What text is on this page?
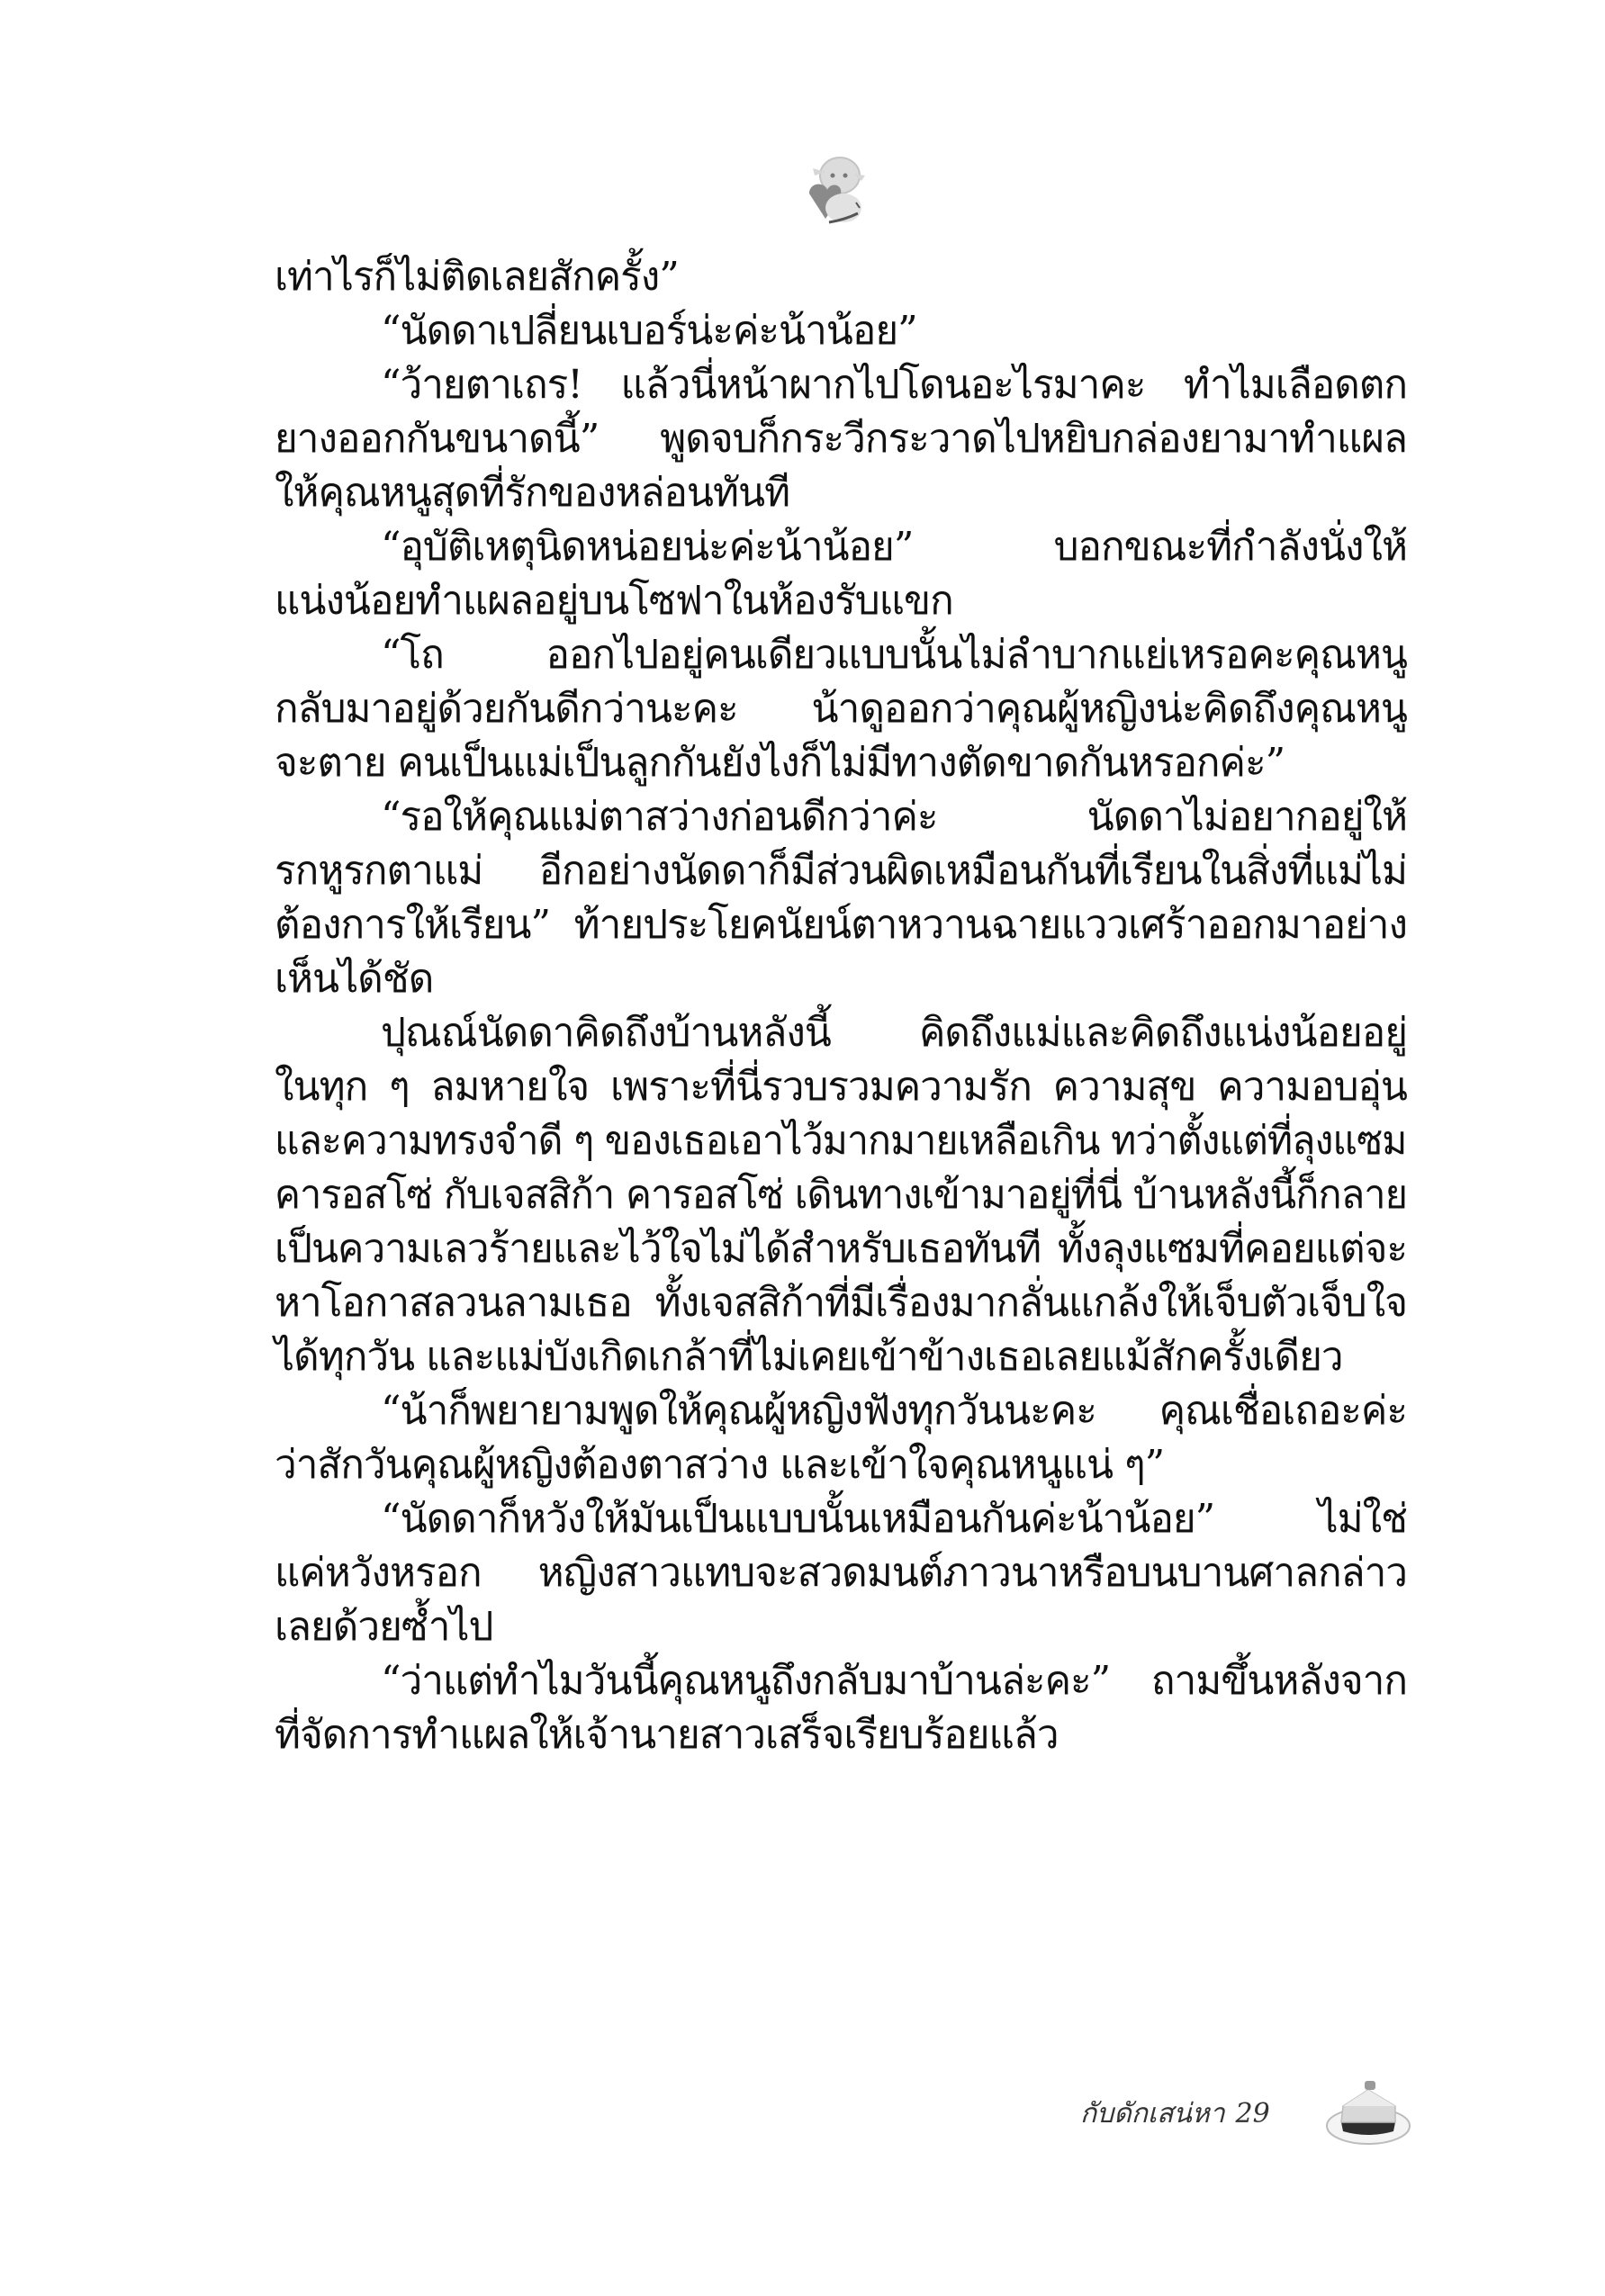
เท่าไรก็ไม่ติดเลยสักครั้ง”
“นัดดาเปลี่ยนเบอร์น่ะค่ะน้าน้อย”
“ว้ายตาเถร! แล้วนี่หน้าผากไปโดนอะไรมาคะ ทำไมเลือดตก
ยางออกกันขนาดนี้” พูดจบก็กระวีกระวาดไปหยิบกล่องยามาทำแผล
ให้คุณหนูสุดที่รักของหล่อนทันที
“อุบัติเหตุนิดหน่อยน่ะค่ะน้าน้อย” บอกขณะที่กำลังนั่งให้
แน่งน้อยทำแผลอยู่บนโซฟาในห้องรับแขก
“โถ ออกไปอยู่คนเดียวแบบนั้นไม่ลำบากแย่เหรอคะคุณหนู
กลับมาอยู่ด้วยกันดีกว่านะคะ น้าดูออกว่าคุณผู้หญิงน่ะคิดถึงคุณหนู
จะตาย คนเป็นแม่เป็นลูกกันยังไงก็ไม่มีทางตัดขาดกันหรอกค่ะ”
“รอให้คุณแม่ตาสว่างก่อนดีกว่าค่ะ นัดดาไม่อยากอยู่ให้
รกหูรกตาแม่ อีกอย่างนัดดาก็มีส่วนผิดเหมือนกันที่เรียนในสิ่งที่แม่ไม่
ต้องการให้เรียน” ท้ายประโยคนัยน์ตาหวานฉายแววเศร้าออกมาอย่าง
เห็นได้ชัด
ปุณณ์นัดดาคิดถึงบ้านหลังนี้ คิดถึงแม่และคิดถึงแน่งน้อยอยู่
ในทุก ๆ ลมหายใจ เพราะที่นี่รวบรวมความรัก ความสุข ความอบอุ่น
และความทรงจำดี ๆ ของเธอเอาไว้มากมายเหลือเกิน ทว่าตั้งแต่ที่ลุงแซม
คารอสโซ่ กับเจสสิก้า คารอสโซ่ เดินทางเข้ามาอยู่ที่นี่ บ้านหลังนี้ก็กลาย
เป็นความเลวร้ายและไว้ใจไม่ได้สำหรับเธอทันที ทั้งลุงแซมที่คอยแต่จะ
หาโอกาสลวนลามเธอ ทั้งเจสสิก้าที่มีเรื่องมากลั่นแกล้งให้เจ็บตัวเจ็บใจ
ได้ทุกวัน และแม่บังเกิดเกล้าที่ไม่เคยเข้าข้างเธอเลยแม้สักครั้งเดียว
“น้าก็พยายามพูดให้คุณผู้หญิงฟังทุกวันนะคะ คุณเชื่อเถอะค่ะ
ว่าสักวันคุณผู้หญิงต้องตาสว่าง และเข้าใจคุณหนูแน่ ๆ”
“นัดดาก็หวังให้มันเป็นแบบนั้นเหมือนกันค่ะน้าน้อย” ไม่ใช่
แค่หวังหรอก หญิงสาวแทบจะสวดมนต์ภาวนาหรือบนบานศาลกล่าว
เลยด้วยซ้ำไป
“ว่าแต่ทำไมวันนี้คุณหนูถึงกลับมาบ้านล่ะคะ” ถามขึ้นหลังจาก
ที่จัดการทำแผลให้เจ้านายสาวเสร็จเรียบร้อยแล้ว
กับดักเสน่หา 29
